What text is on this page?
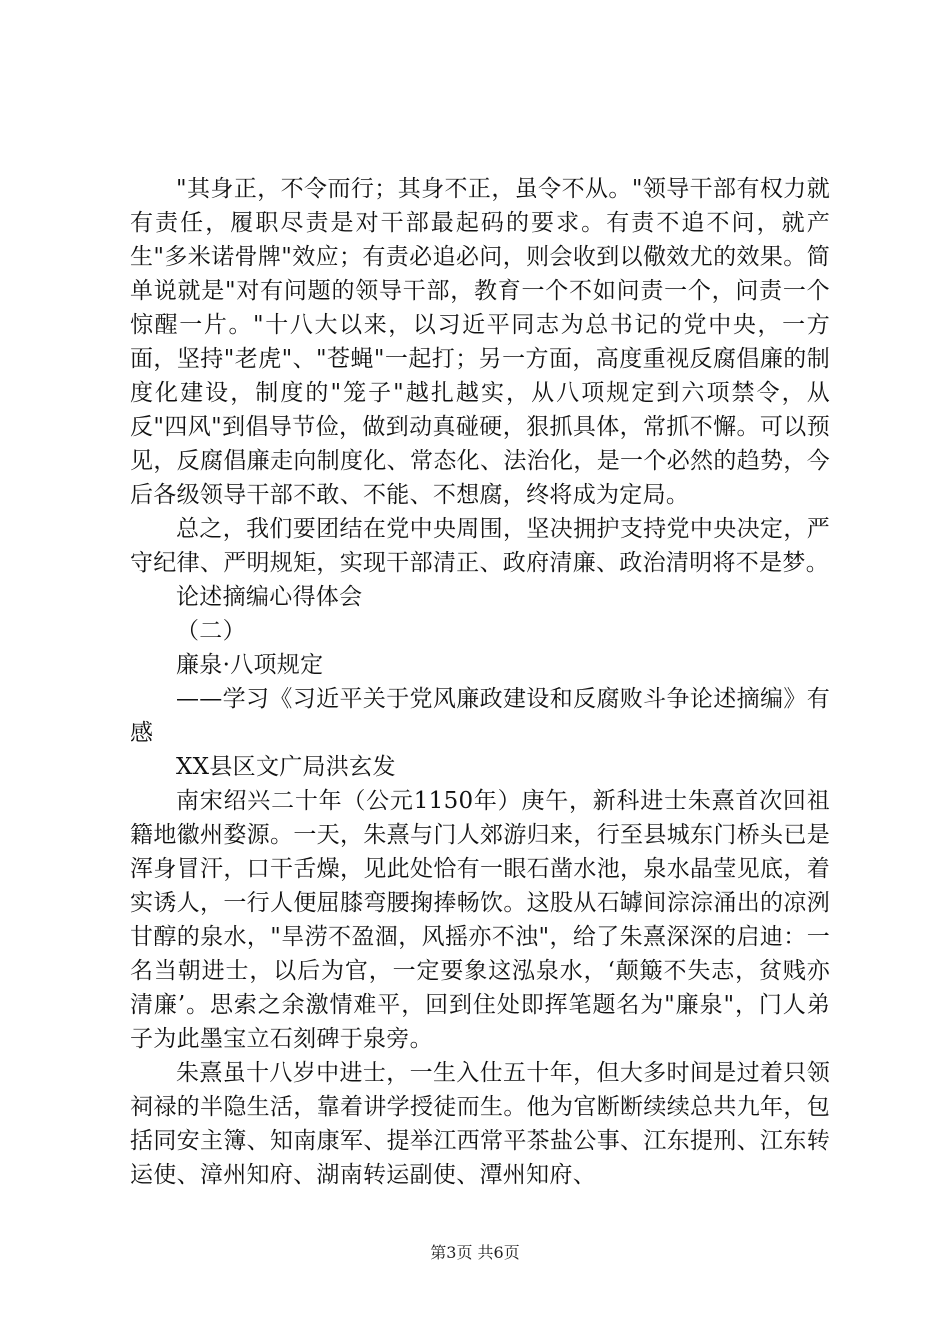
"其身正，不令而行；其身不正，虽令不从。"领导干部有权力就有责任，履职尽责是对干部最起码的要求。有责不追不问，就产生"多米诺骨牌"效应；有责必追必问，则会收到以儆效尤的效果。简单说就是"对有问题的领导干部，教育一个不如问责一个，问责一个惊醒一片。"十八大以来，以习近平同志为总书记的党中央，一方面，坚持"老虎"、"苍蝇"一起打；另一方面，高度重视反腐倡廉的制度化建设，制度的"笼子"越扎越实，从八项规定到六项禁令，从反"四风"到倡导节俭，做到动真碰硬，狠抓具体，常抓不懈。可以预见，反腐倡廉走向制度化、常态化、法治化，是一个必然的趋势，今后各级领导干部不敢、不能、不想腐，终将成为定局。

总之，我们要团结在党中央周围，坚决拥护支持党中央决定，严守纪律、严明规矩，实现干部清正、政府清廉、政治清明将不是梦。

论述摘编心得体会

（二）

廉泉·八项规定

——学习《习近平关于党风廉政建设和反腐败斗争论述摘编》有感

XX县区文广局洪玄发

南宋绍兴二十年（公元1150年）庚午，新科进士朱熹首次回祖籍地徽州婺源。一天，朱熹与门人郊游归来，行至县城东门桥头已是浑身冒汗，口干舌燥，见此处恰有一眼石凿水池，泉水晶莹见底，着实诱人，一行人便屈膝弯腰掬捧畅饮。这股从石罅间淙淙涌出的凉洌甘醇的泉水，"旱涝不盈涸，风摇亦不浊"，给了朱熹深深的启迪：一名当朝进士，以后为官，一定要象这泓泉水，‘颠簸不失志，贫贱亦清廉’。思索之余激情难平，回到住处即挥笔题名为"廉泉"，门人弟子为此墨宝立石刻碑于泉旁。

朱熹虽十八岁中进士，一生入仕五十年，但大多时间是过着只领祠禄的半隐生活，靠着讲学授徒而生。他为官断断续续总共九年，包括同安主簿、知南康军、提举江西常平茶盐公事、江东提刑、江东转运使、漳州知府、湖南转运副使、潭州知府、

第3页 共6页
